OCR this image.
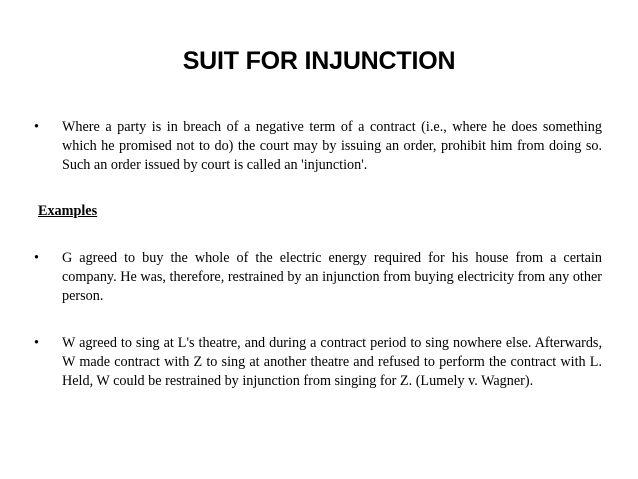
SUIT FOR INJUNCTION
•	Where a party is in breach of a negative term of a contract (i.e., where he does something which he promised not to do) the court may by issuing an order, prohibit him from doing so. Such an order issued by court is called an 'injunction'.
Examples
•	G agreed to buy the whole of the electric energy required for his house from a certain company. He was, therefore, restrained by an injunction from buying electricity from any other person.
•	W agreed to sing at L's theatre, and during a contract period to sing nowhere else. Afterwards, W made contract with Z to sing at another theatre and refused to perform the contract with L. Held, W could be restrained by injunction from singing for Z. (Lumely v. Wagner).
